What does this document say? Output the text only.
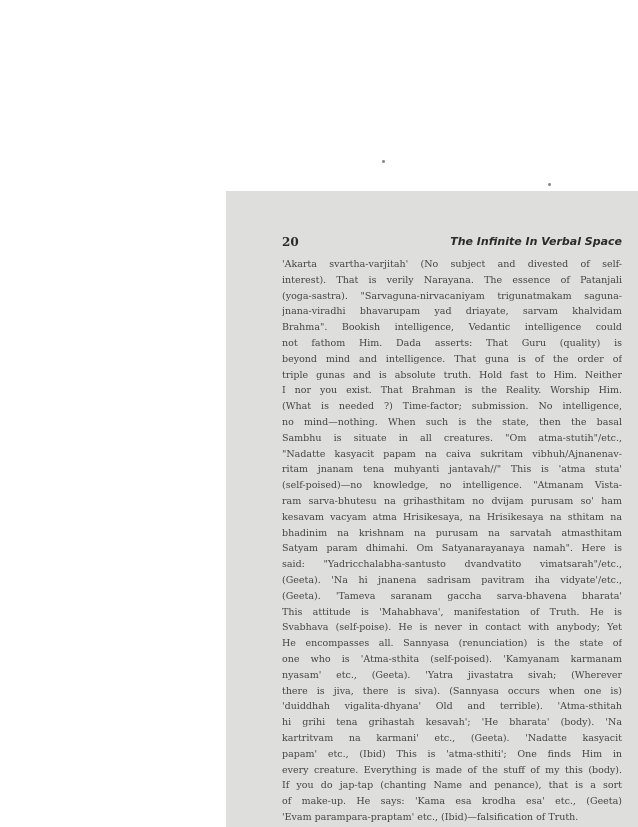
20	The Infinite In Verbal Space
'Akarta svartha-varjitah' (No subject and divested of self-
interest). That is verily Narayana. The essence of Patanjali
(yoga-sastra). "Sarvaguna-nirvacaniyam trigunatmakam saguna-
jnana-viradhi bhavarupam yad driayate, sarvam khalvidam
Brahma". Bookish intelligence, Vedantic intelligence could
not fathom Him. Dada asserts: That Guru (quality) is
beyond mind and intelligence. That guna is of the order of
triple gunas and is absolute truth. Hold fast to Him. Neither
I nor you exist. That Brahman is the Reality. Worship Him.
(What is needed ?) Time-factor; submission. No intelligence,
no mind—nothing. When such is the state, then the basal
Sambhu is situate in all creatures. "Om atma-stutih"/etc.,
"Nadatte kasyacit papam na caiva sukritam vibhuh/Ajnanenav-
ritam jnanam tena muhyanti jantavah//" This is 'atma stuta'
(self-poised)—no knowledge, no intelligence. "Atmanam Vista-
ram sarva-bhutesu na grihasthitam no dvijam purusam so' ham
kesavam vacyam atma Hrisikesaya, na Hrisikesaya na sthitam na
bhadinim na krishnam na purusam na sarvatah atmasthitam
Satyam param dhimahi. Om Satyanarayanaya namah". Here is
said: "Yadricchalabha-santusto dvandvatito vimatsarah"/etc.,
(Geeta). 'Na hi jnanena sadrisam pavitram iha vidyate'/etc.,
(Geeta). 'Tameva saranam gaccha sarva-bhavena bharata'
This attitude is 'Mahabhava', manifestation of Truth. He is
Svabhava (self-poise). He is never in contact with anybody; Yet
He encompasses all. Sannyasa (renunciation) is the state of
one who is 'Atma-sthita (self-poised). 'Kamyanam karmanam
nyasam' etc., (Geeta). 'Yatra jivastatra sivah; (Wherever
there is jiva, there is siva). (Sannyasa occurs when one is)
'duiddhah vigalita-dhyana' Old and terrible). 'Atma-sthitah
hi grihi tena grihastah kesavah'; 'He bharata' (body). 'Na
kartritvam na karmani' etc., (Geeta). 'Nadatte kasyacit
papam' etc., (Ibid) This is 'atma-sthiti'; One finds Him in
every creature. Everything is made of the stuff of my this (body).
If you do jap-tap (chanting Name and penance), that is a sort
of make-up. He says: 'Kama esa krodha esa' etc., (Geeta)
'Evam parampara-praptam' etc., (Ibid)—falsification of Truth.
